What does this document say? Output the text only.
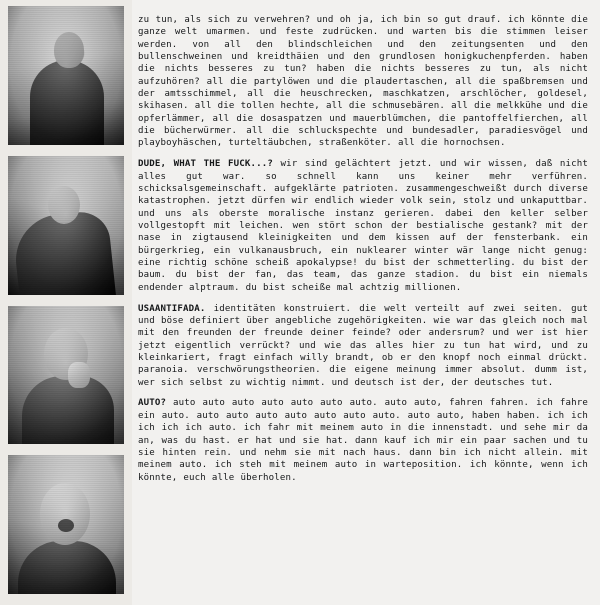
zu tun, als sich zu verwehren? und oh ja, ich bin so gut drauf. ich könnte die ganze welt umarmen. und feste zudrücken. und warten bis die stimmen leiser werden. von all den blindschleichen und den zeitungsenten und den bullenschweinen und kreidthäien und den grundlosen honigkuchenpferden. haben die nichts besseres zu tun? haben die nichts besseres zu tun, als nicht aufzuhören? all die partylöwen und die plaudertaschen, all die spaßbremsen und der amtsschimmel, all die heuschrecken, maschkatzen, arschlöcher, goldesel, skihasen. all die tollen hechte, all die schmusebären. all die melkkühe und die opferlämmer, all die dosaspatzen und mauerblümchen, die pantoffelfierchen, all die bücherwürmer. all die schluckspechte und bundesadler, paradiesvögel und playboyhäschen, turteltäubchen, straßenköter. all die hornochsen.

DUDE, WHAT THE FUCK...? wir sind gelächtert jetzt. und wir wissen, daß nicht alles gut war. so schnell kann uns keiner mehr verführen. schicksalsgemeinschaft. aufgeklärte patrioten. zusammengeschweißt durch diverse katastrophen. jetzt dürfen wir endlich wieder volk sein, stolz und unkaputtbar. und uns als oberste moralische instanz gerieren. dabei den keller selber vollgestopft mit leichen. wen stört schon der bestialische gestank? mit der nase in zigtausend kleinigkeiten und dem kissen auf der fensterbank. ein bürgerkrieg, ein vulkanausbruch, ein nuklearer winter wär lange nicht genug: eine richtig schöne scheiß apokalypse! du bist der schmetterling. du bist der baum. du bist der fan, das team, das ganze stadion. du bist ein niemals endender alptraum. du bist scheiße mal achtzig millionen.

USAANTIFADA. identitäten konstruiert. die welt verteilt auf zwei seiten. gut und böse definiert über angebliche zugehörigkeiten. wie war das gleich noch mal mit den freunden der freunde deiner feinde? oder andersrum? und wer ist hier jetzt eigentlich verrückt? und wie das alles hier zu tun hat wird, und zu kleinkariert, fragt einfach willy brandt, ob er den knopf noch einmal drückt. paranoia. verschwörungstheorien. die eigene meinung immer absolut. dumm ist, wer sich selbst zu wichtig nimmt. und deutsch ist der, der deutsches tut.

AUTO? auto auto auto auto auto auto auto. auto auto, fahren fahren. ich fahre ein auto. auto auto auto auto auto auto auto. auto auto, haben haben. ich ich ich ich ich auto. ich fahr mit meinem auto in die innenstadt. und sehe mir da an, was du hast. er hat und sie hat. dann kauf ich mir ein paar sachen und tu sie hinten rein. und nehm sie mit nach haus. dann bin ich nicht allein. mit meinem auto. ich steh mit meinem auto in warteposition. ich könnte, wenn ich könnte, euch alle überholen.
